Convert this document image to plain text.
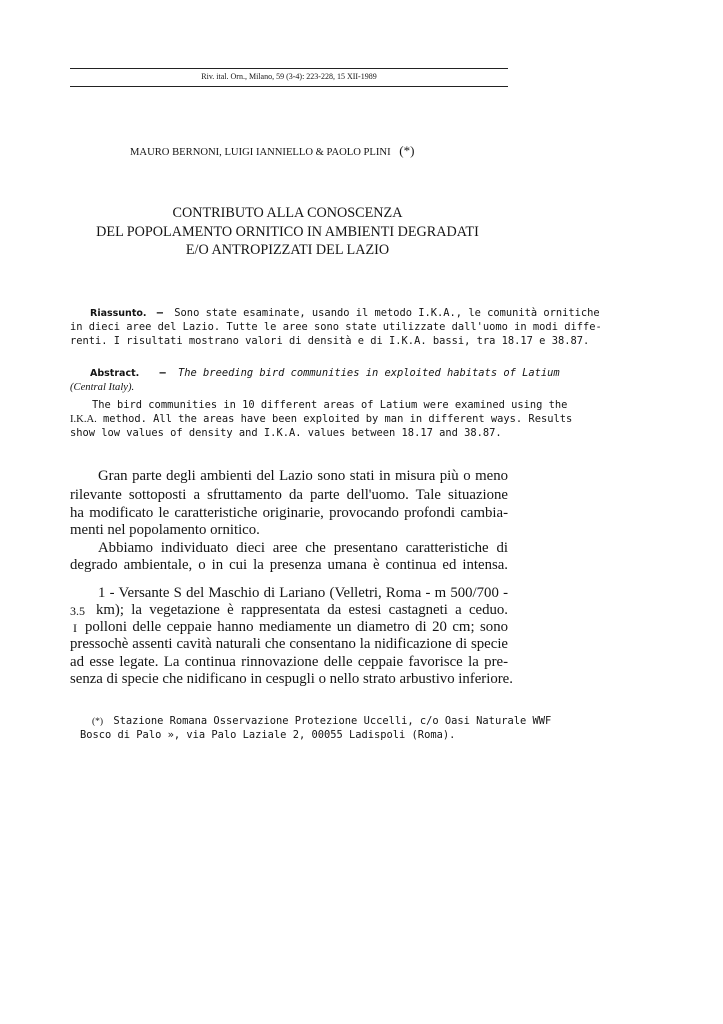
Riv. ital. Orn., Milano, 59 (3-4): 223-228, 15 XII-1989
MAURO BERNONI, LUIGI IANNIELLO & PAOLO PLINI (*)
CONTRIBUTO ALLA CONOSCENZA
DEL POPOLAMENTO ORNITICO IN AMBIENTI DEGRADATI
E/O ANTROPIZZATI DEL LAZIO
Riassunto. — Sono state esaminate, usando il metodo I.K.A., le comunità ornitiche
in dieci aree del Lazio. Tutte le aree sono state utilizzate dall'uomo in modi diffe-
renti. I risultati mostrano valori di densità e di I.K.A. bassi, tra 18.17 e 38.87.
Abstract. — The breeding bird communities in exploited habitats of Latium
(Central Italy).
The bird communities in 10 different areas of Latium were examined using the
I.K.A. method. All the areas have been exploited by man in different ways. Results
show low values of density and I.K.A. values between 18.17 and 38.87.
Gran parte degli ambienti del Lazio sono stati in misura più o meno
rilevante sottoposti a sfruttamento da parte dell'uomo. Tale situazione
ha modificato le caratteristiche originarie, provocando profondi cambia-
menti nel popolamento ornitico.
Abbiamo individuato dieci aree che presentano caratteristiche di
degrado ambientale, o in cui la presenza umana è continua ed intensa.
1 - Versante S del Maschio di Lariano (Velletri, Roma - m 500/700 -
3.5 km); la vegetazione è rappresentata da estesi castagneti a ceduo.
I polloni delle ceppaie hanno mediamente un diametro di 20 cm; sono
pressochè assenti cavità naturali che consentano la nidificazione di specie
ad esse legate. La continua rinnovazione delle ceppaie favorisce la pre-
senza di specie che nidificano in cespugli o nello strato arbustivo inferiore.
(*) Stazione Romana Osservazione Protezione Uccelli, c/o Oasi Naturale WWF
Bosco di Palo », via Palo Laziale 2, 00055 Ladispoli (Roma).
